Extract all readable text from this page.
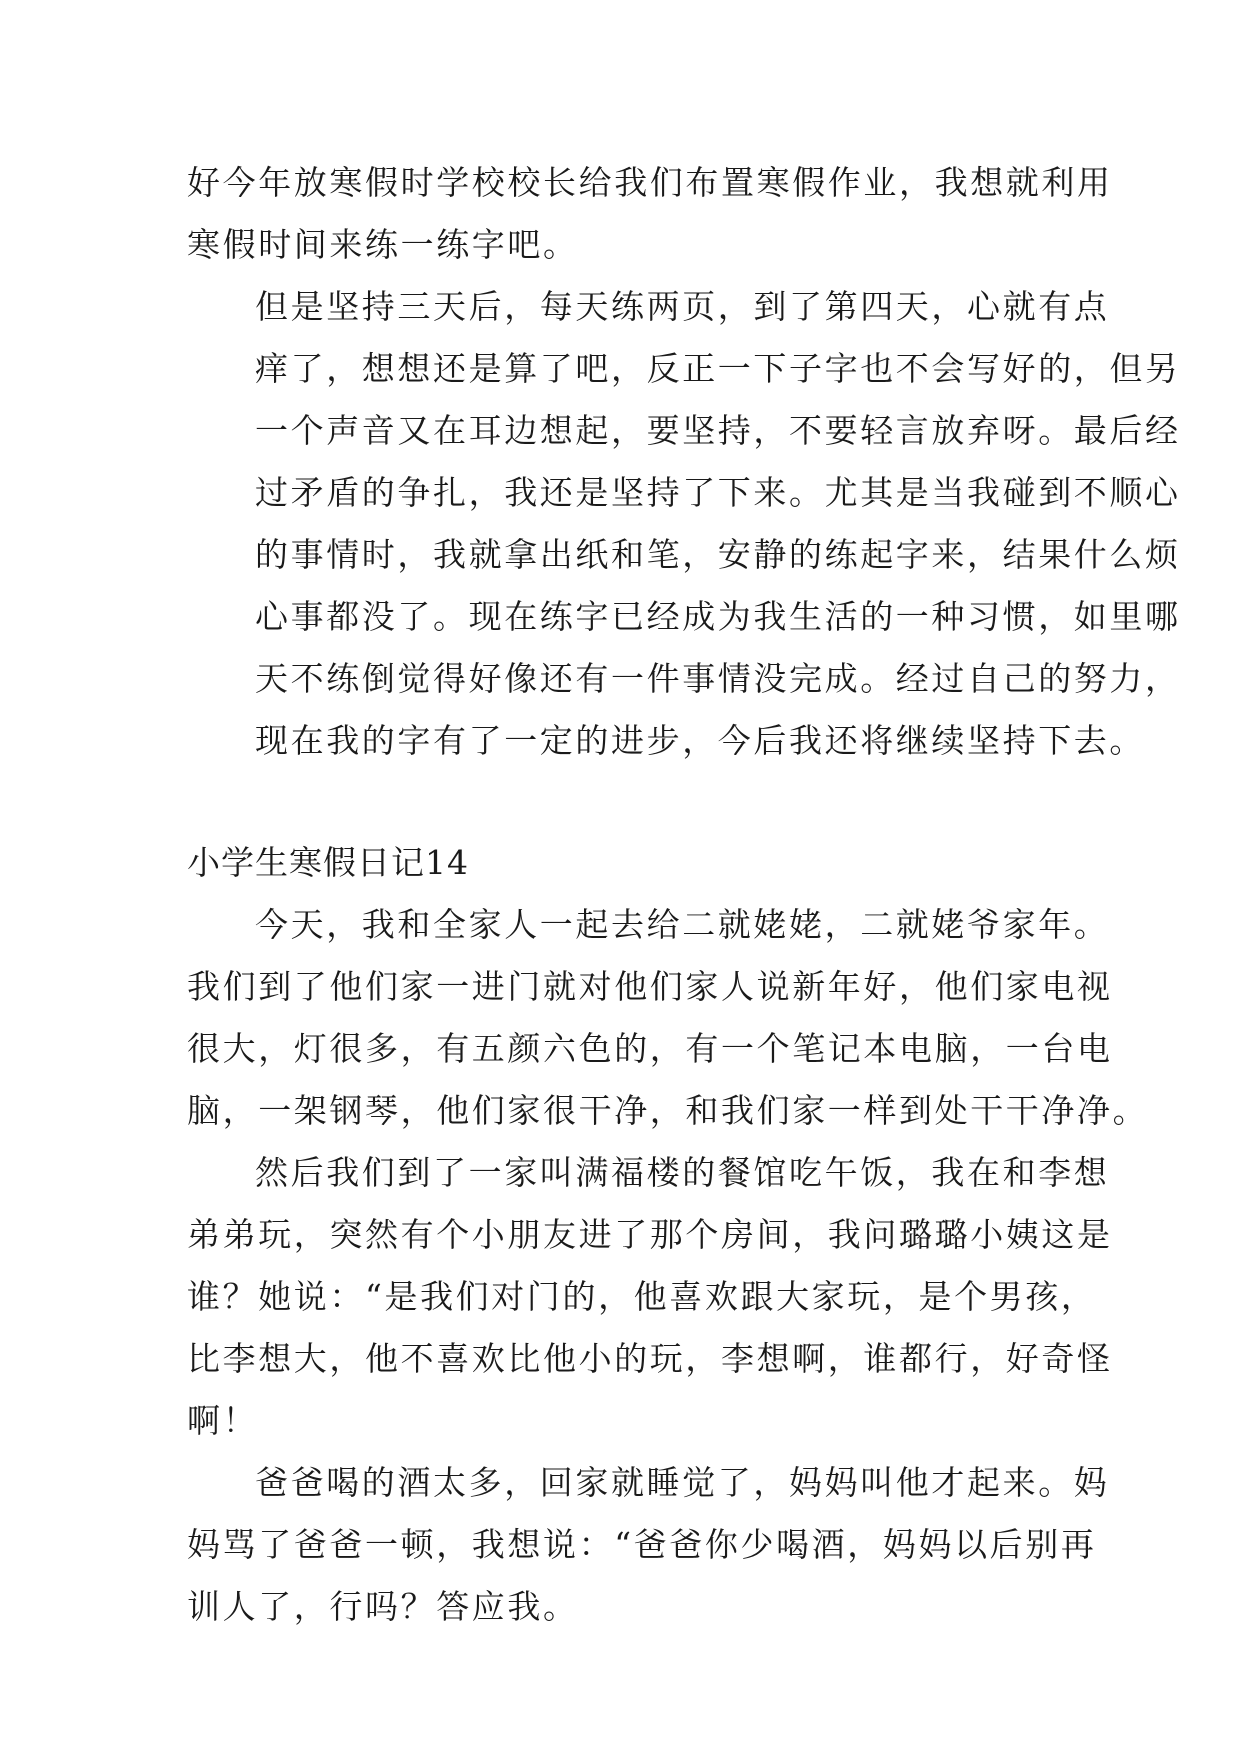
好今年放寒假时学校校长给我们布置寒假作业，我想就利用
寒假时间来练一练字吧。

但是坚持三天后，每天练两页，到了第四天，心就有点
痒了，想想还是算了吧，反正一下子字也不会写好的，但另
一个声音又在耳边想起，要坚持，不要轻言放弃呀。最后经
过矛盾的争扎，我还是坚持了下来。尤其是当我碰到不顺心
的事情时，我就拿出纸和笔，安静的练起字来，结果什么烦
心事都没了。现在练字已经成为我生活的一种习惯，如里哪
天不练倒觉得好像还有一件事情没完成。经过自己的努力，
现在我的字有了一定的进步，今后我还将继续坚持下去。

小学生寒假日记14

今天，我和全家人一起去给二就姥姥，二就姥爷家年。
我们到了他们家一进门就对他们家人说新年好，他们家电视
很大，灯很多，有五颜六色的，有一个笔记本电脑，一台电
脑，一架钢琴，他们家很干净，和我们家一样到处干干净净。

然后我们到了一家叫满福楼的餐馆吃午饭，我在和李想
弟弟玩，突然有个小朋友进了那个房间，我问璐璐小姨这是
谁？她说：“是我们对门的，他喜欢跟大家玩，是个男孩，
比李想大，他不喜欢比他小的玩，李想啊，谁都行，好奇怪
啊！

爸爸喝的酒太多，回家就睡觉了，妈妈叫他才起来。妈
妈骂了爸爸一顿，我想说：“爸爸你少喝酒，妈妈以后别再
训人了，行吗？答应我。
